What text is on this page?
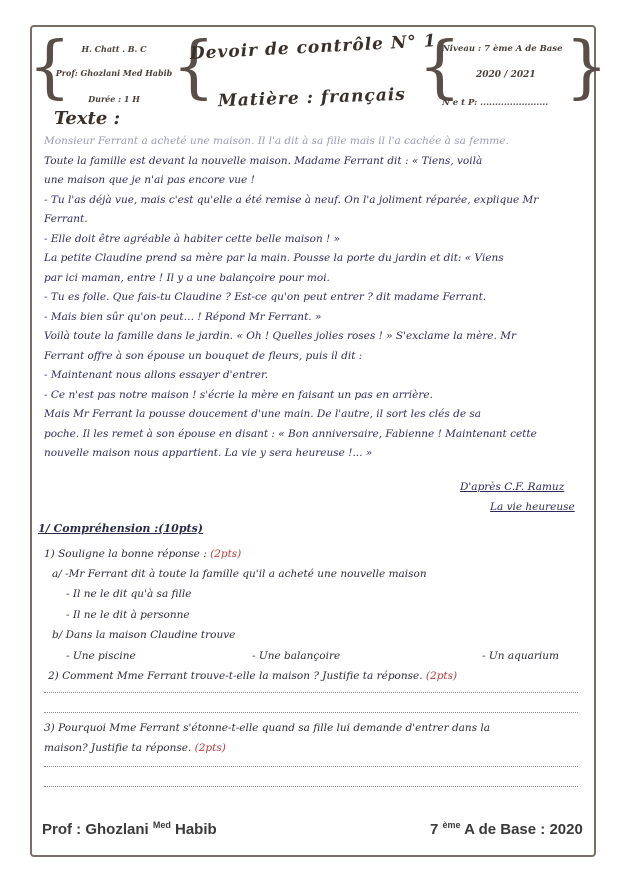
{	H. Chatt . B. C
Prof: Ghozlani Med Habib
Durée : 1 H {
Devoir de contrôle N° 1
Matière : français {
Niveau : 7 ème A de Base
2020 / 2021
N e t P: ....................... }
Texte :

Monsieur Ferrant a acheté une maison. Il l'a dit à sa fille mais il l'a cachée à sa femme.

Toute la famille est devant la nouvelle maison. Madame Ferrant dit : « Tiens, voilà

une maison que je n'ai pas encore vue !

- Tu l'as déjà vue, mais c'est qu'elle a été remise à neuf. On l'a joliment réparée, explique Mr

Ferrant.

- Elle doit être agréable à habiter cette belle maison ! »

La petite Claudine prend sa mère par la main. Pousse la porte du jardin et dit: « Viens

par ici maman, entre ! Il y a une balançoire pour moi.

- Tu es folle. Que fais-tu Claudine ? Est-ce qu'on peut entrer ? dit madame Ferrant.

- Mais bien sûr qu'on peut… ! Répond Mr Ferrant. »

Voilà toute la famille dans le jardin. « Oh ! Quelles jolies roses ! » S'exclame la mère. Mr

Ferrant offre à son épouse un bouquet de fleurs, puis il dit :

- Maintenant nous allons essayer d'entrer.

- Ce n'est pas notre maison ! s'écrie la mère en faisant un pas en arrière.

Mais Mr Ferrant la pousse doucement d'une main. De l'autre, il sort les clés de sa

poche. Il les remet à son épouse en disant : « Bon anniversaire, Fabienne ! Maintenant cette

nouvelle maison nous appartient. La vie y sera heureuse !... »

D'après C.F. Ramuz
La vie heureuse
1/ Compréhension :(10pts)
1) Souligne la bonne réponse : (2pts)
a/ -Mr Ferrant dit à toute la famille qu'il a acheté une nouvelle maison
- Il ne le dit qu'à sa fille
- Il ne le dit à personne
b/ Dans la maison Claudine trouve
- Une piscine	- Une balançoire	- Un aquarium
2) Comment Mme Ferrant trouve-t-elle la maison ? Justifie ta réponse. (2pts)
3) Pourquoi Mme Ferrant s'étonne-t-elle quand sa fille lui demande d'entrer dans la
maison? Justifie ta réponse. (2pts)
Prof : Ghozlani $^{Med}$ Habib	7 $^{ème}$ A de Base : 2020
